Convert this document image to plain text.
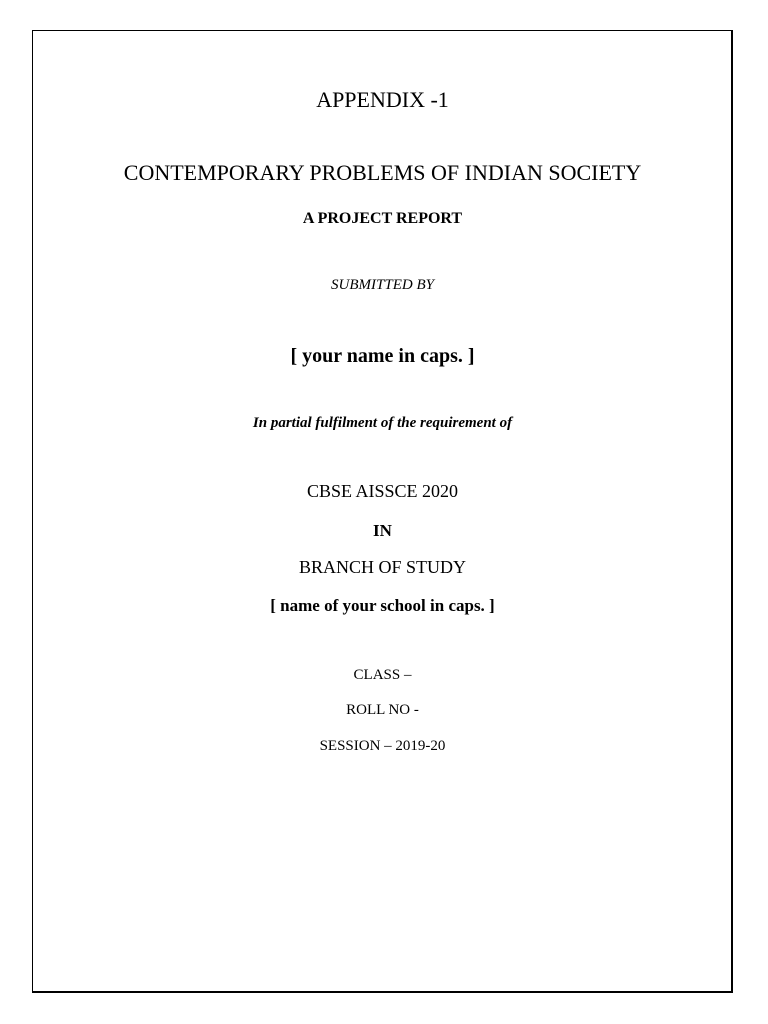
APPENDIX -1
CONTEMPORARY PROBLEMS OF INDIAN SOCIETY
A PROJECT REPORT
SUBMITTED BY
[ your name in caps. ]
In partial fulfilment of the requirement of
CBSE AISSCE 2020
IN
BRANCH OF STUDY
[ name of your school in caps. ]
CLASS –
ROLL NO -
SESSION – 2019-20
